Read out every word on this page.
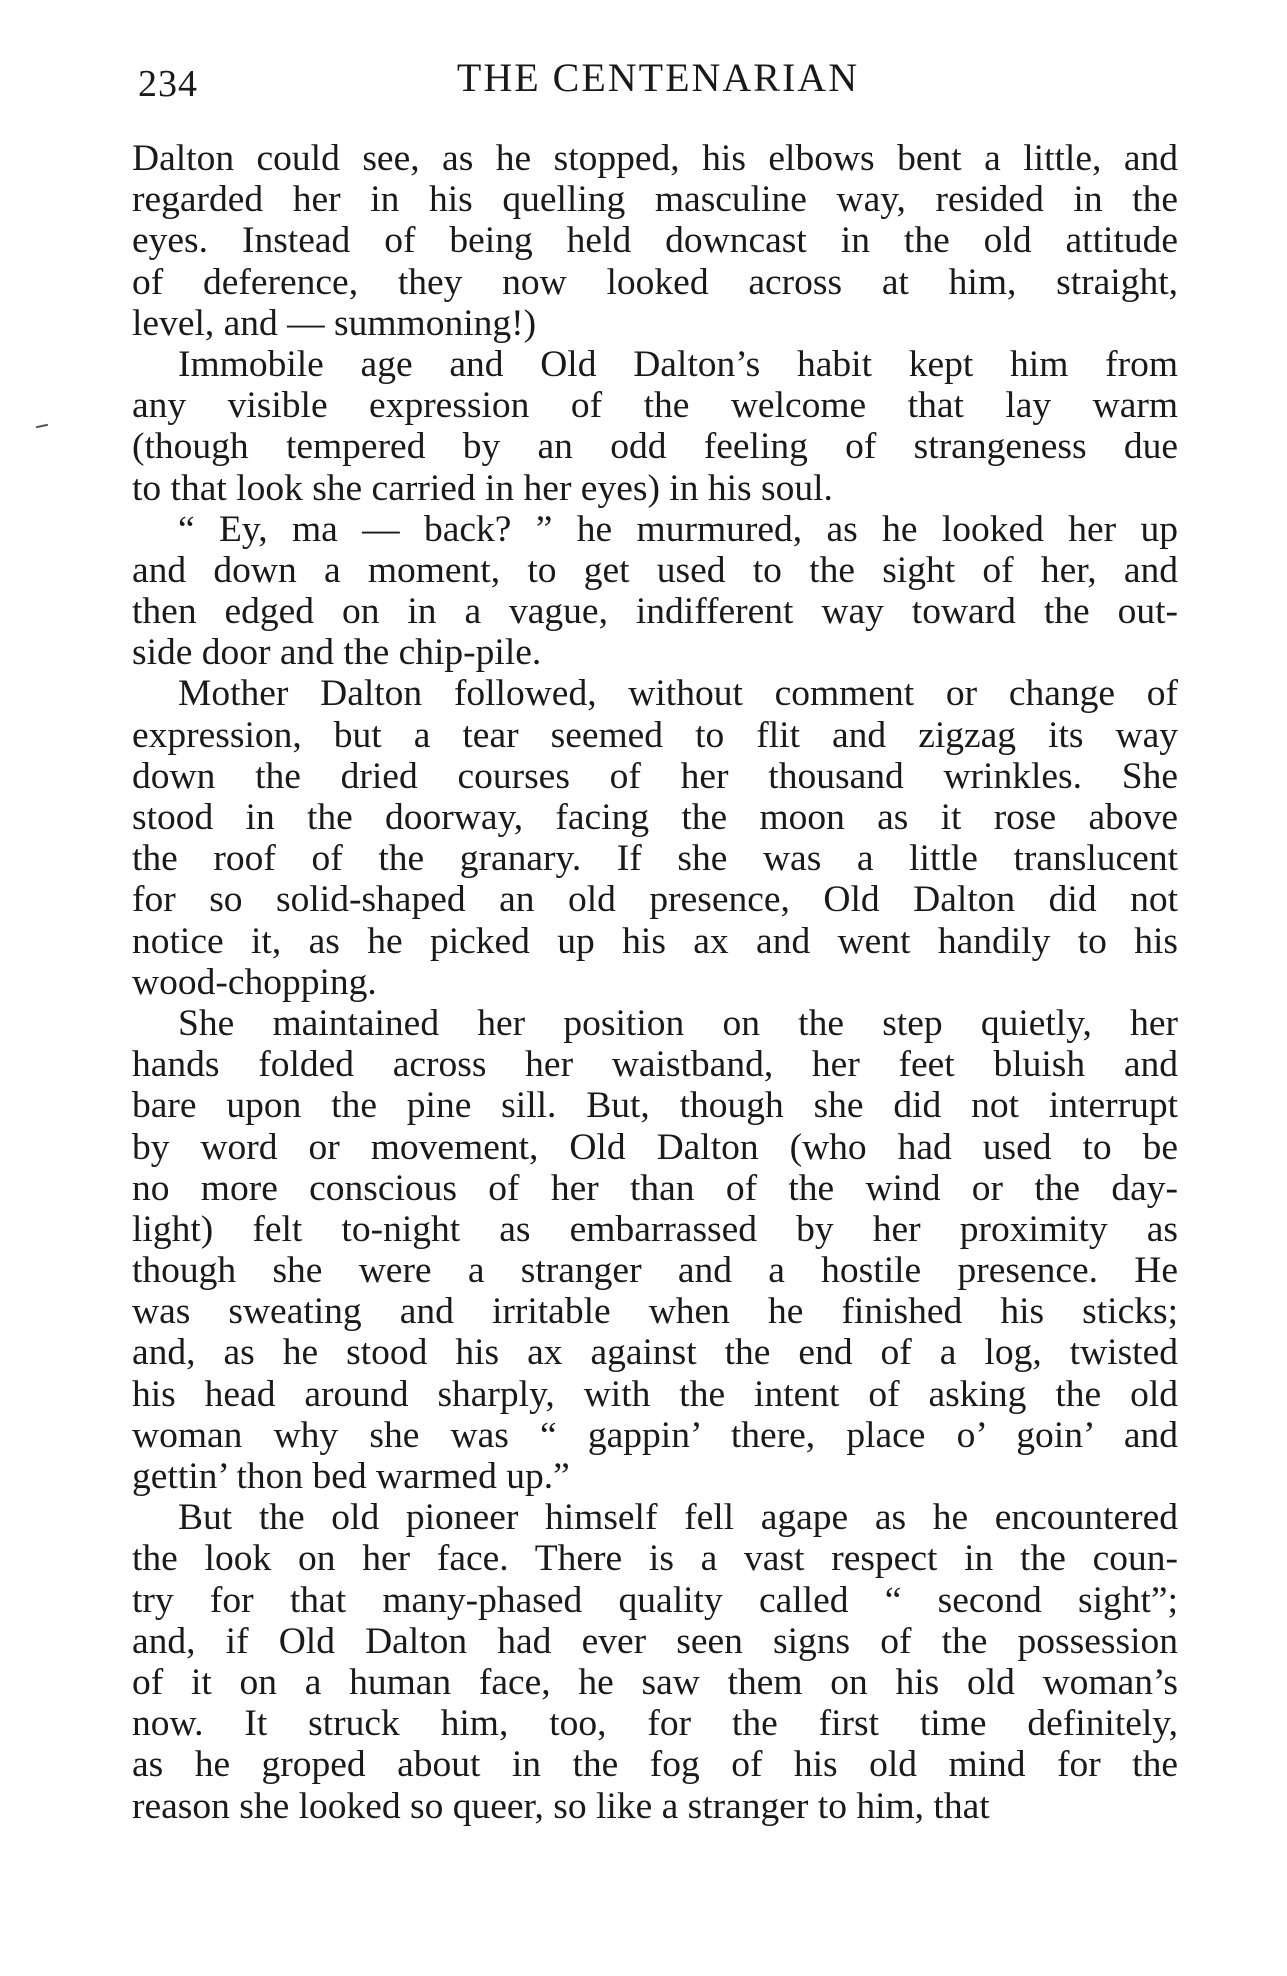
234	THE CENTENARIAN
Dalton could see, as he stopped, his elbows bent a little, and
regarded her in his quelling masculine way, resided in the
eyes. Instead of being held downcast in the old attitude
of deference, they now looked across at him, straight,
level, and — summoning!)
Immobile age and Old Dalton’s habit kept him from
any visible expression of the welcome that lay warm
(though tempered by an odd feeling of strangeness due
to that look she carried in her eyes) in his soul.
“ Ey, ma — back? ” he murmured, as he looked her up
and down a moment, to get used to the sight of her, and
then edged on in a vague, indifferent way toward the out-
side door and the chip-pile.
Mother Dalton followed, without comment or change of
expression, but a tear seemed to flit and zigzag its way
down the dried courses of her thousand wrinkles. She
stood in the doorway, facing the moon as it rose above
the roof of the granary. If she was a little translucent
for so solid-shaped an old presence, Old Dalton did not
notice it, as he picked up his ax and went handily to his
wood-chopping.
She maintained her position on the step quietly, her
hands folded across her waistband, her feet bluish and
bare upon the pine sill. But, though she did not interrupt
by word or movement, Old Dalton (who had used to be
no more conscious of her than of the wind or the day-
light) felt to-night as embarrassed by her proximity as
though she were a stranger and a hostile presence. He
was sweating and irritable when he finished his sticks;
and, as he stood his ax against the end of a log, twisted
his head around sharply, with the intent of asking the old
woman why she was “ gappin’ there, place o’ goin’ and
gettin’ thon bed warmed up.”
But the old pioneer himself fell agape as he encountered
the look on her face. There is a vast respect in the coun-
try for that many-phased quality called “ second sight”;
and, if Old Dalton had ever seen signs of the possession
of it on a human face, he saw them on his old woman’s
now. It struck him, too, for the first time definitely,
as he groped about in the fog of his old mind for the
reason she looked so queer, so like a stranger to him, that
